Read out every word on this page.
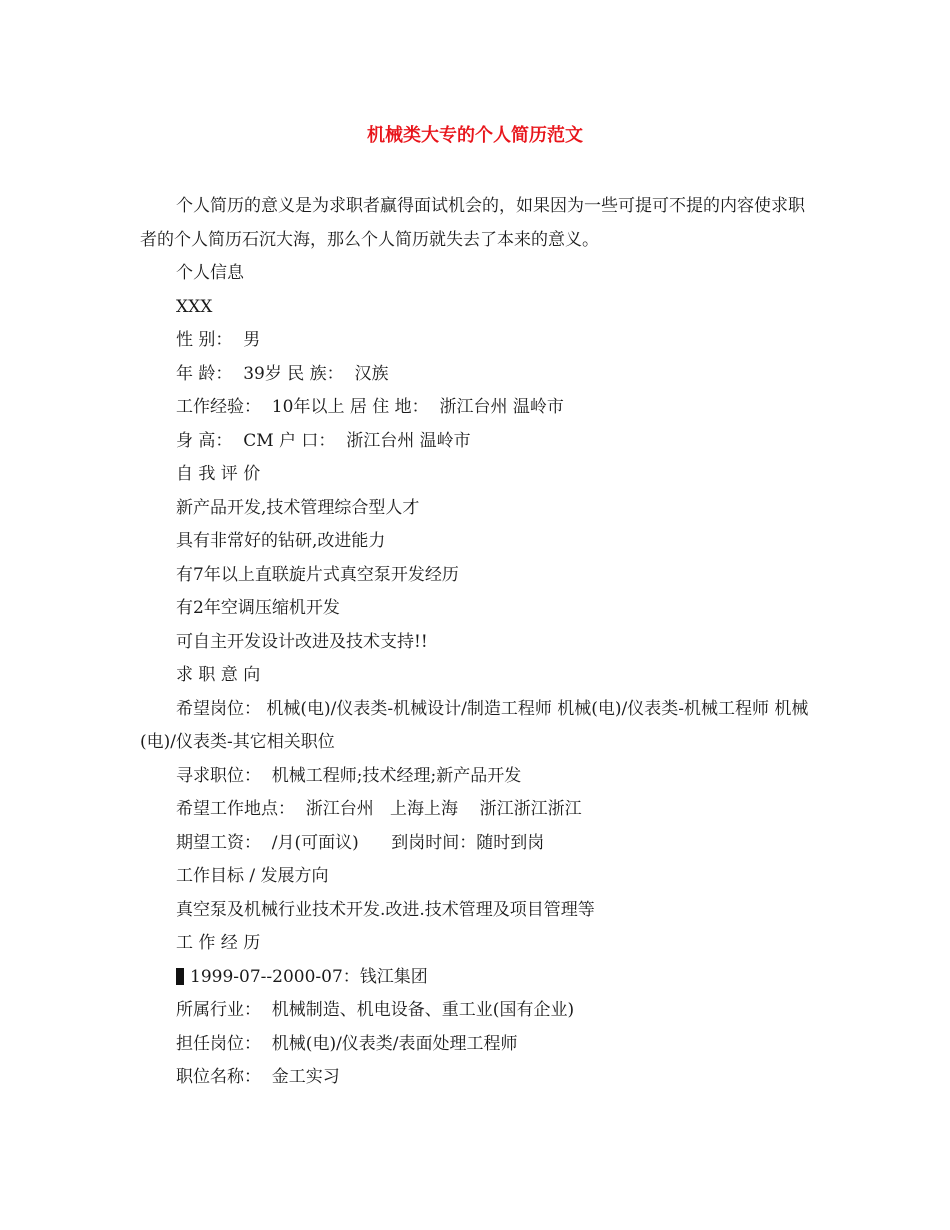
机械类大专的个人简历范文
个人简历的意义是为求职者赢得面试机会的，如果因为一些可提可不提的内容使求职者的个人简历石沉大海，那么个人简历就失去了本来的意义。
个人信息
XXX
性 别：  男
年 龄：  39岁 民 族：  汉族
工作经验：  10年以上 居 住 地：  浙江台州 温岭市
身 高：  CM 户 口：  浙江台州 温岭市
自 我 评 价
新产品开发,技术管理综合型人才
具有非常好的钻研,改进能力
有7年以上直联旋片式真空泵开发经历
有2年空调压缩机开发
可自主开发设计改进及技术支持!!
求 职 意 向
希望岗位： 机械(电)/仪表类-机械设计/制造工程师 机械(电)/仪表类-机械工程师 机械(电)/仪表类-其它相关职位
寻求职位：  机械工程师;技术经理;新产品开发
希望工作地点：  浙江台州   上海上海    浙江浙江浙江
期望工资：  /月(可面议)      到岗时间：随时到岗
工作目标 / 发展方向
真空泵及机械行业技术开发.改进.技术管理及项目管理等
工 作 经 历
1999-07--2000-07：钱江集团
所属行业：  机械制造、机电设备、重工业(国有企业)
担任岗位：  机械(电)/仪表类/表面处理工程师
职位名称：  金工实习
